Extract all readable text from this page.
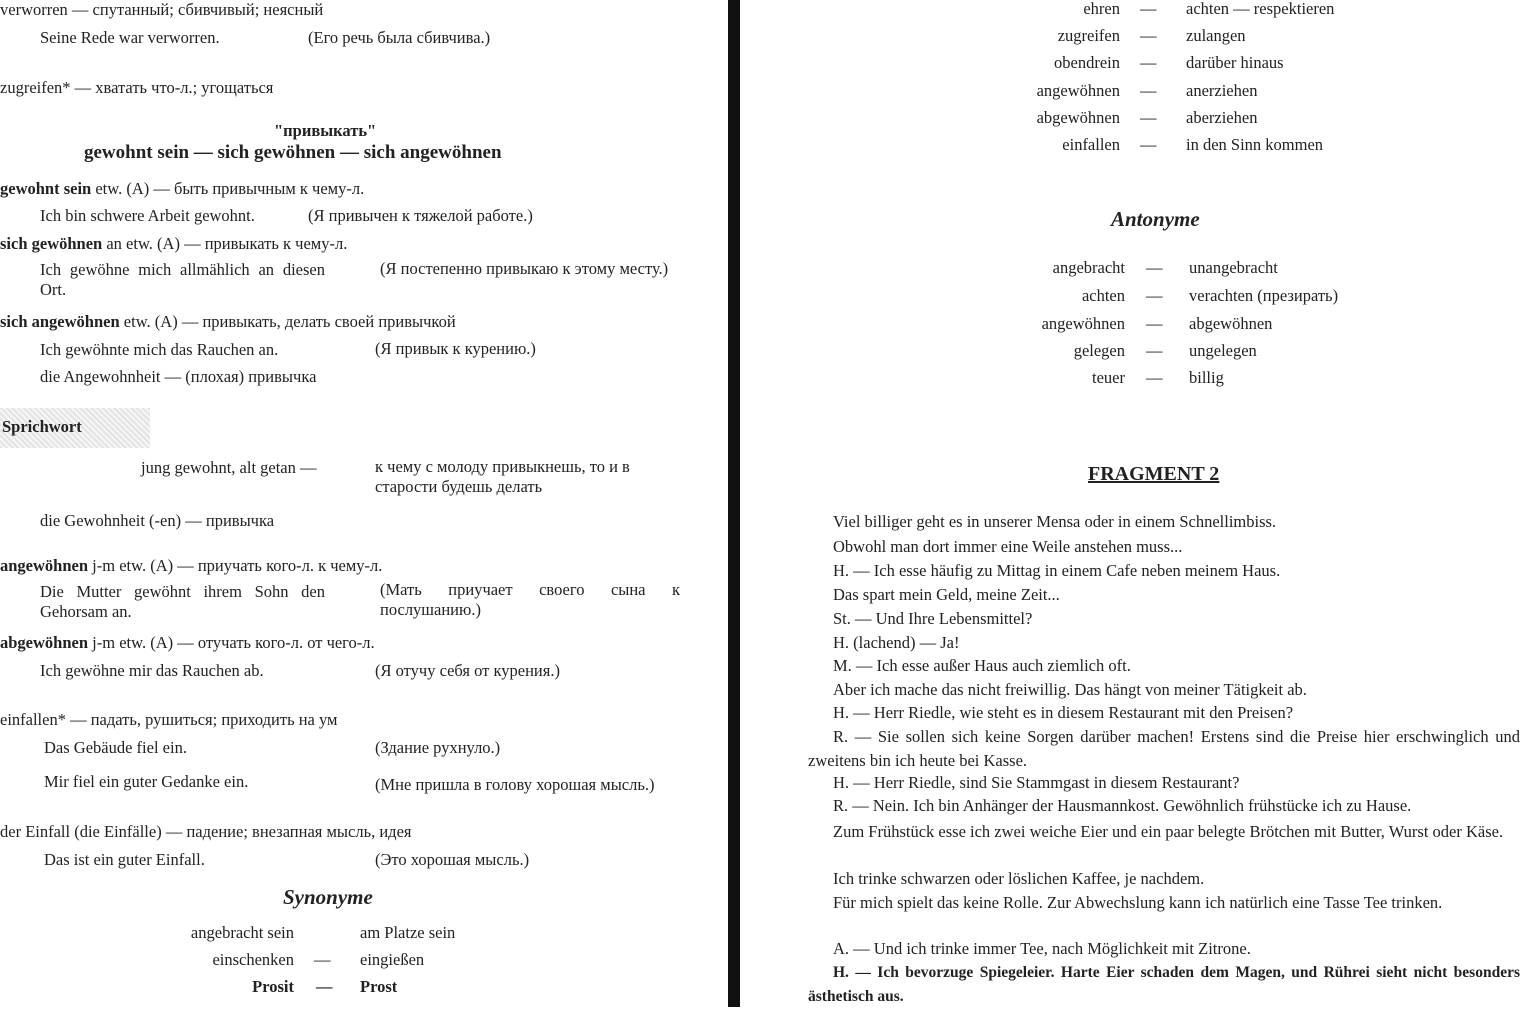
verworren — спутанный; сбивчивый; неясный
Seine Rede war verworren.	(Его речь была сбивчива.)
zugreifen* — хватать что-л.; угощаться
"привыкать"
gewohnt sein — sich gewöhnen — sich angewöhnen
gewohnt sein etw. (A) — быть привычным к чему-л.
Ich bin schwere Arbeit gewohnt.	(Я привычен к тяжелой работе.)
sich gewöhnen an etw. (A) — привыкать к чему-л.
Ich gewöhne mich allmählich an diesen Ort.
(Я постепенно привыкаю к этому месту.)
sich angewöhnen etw. (A) — привыкать, делать своей привычкой
Ich gewöhnte mich das Rauchen an.	(Я привык к курению.)
die Angewohnheit — (плохая) привычка
Sprichwort
jung gewohnt, alt getan —	к чему с молоду привыкнешь, то и в старости будешь делать
die Gewohnheit (-en) — привычка
angewöhnen j-m etw. (A) — приучать кого-л. к чему-л.
Die Mutter gewöhnt ihrem Sohn den Gehorsam an.
(Мать приучает своего сына к послушанию.)
abgewöhnen j-m etw. (A) — отучать кого-л. от чего-л.
Ich gewöhne mir das Rauchen ab.	(Я отучу себя от курения.)
einfallen* — падать, рушиться; приходить на ум
Das Gebäude fiel ein.	(Здание рухнуло.)
Mir fiel ein guter Gedanke ein.	(Мне пришла в голову хорошая мысль.)
der Einfall (die Einfälle) — падение; внезапная мысль, идея
Das ist ein guter Einfall.	(Это хорошая мысль.)
Synonyme
angebracht sein	am Platze sein
einschenken — eingießen
Prosit — Prost
ehren — achten — respektieren
zugreifen — zulangen
obendrein — darüber hinaus
angewöhnen — anerziehen
abgewöhnen — aberziehen
einfallen — in den Sinn kommen
Antonyme
angebracht — unangebracht
achten — verachten (презирать)
angewöhnen — abgewöhnen
gelegen — ungelegen
teuer — billig
FRAGMENT 2
Viel billiger geht es in unserer Mensa oder in einem Schnellimbiss.
Obwohl man dort immer eine Weile anstehen muss...
H. — Ich esse häufig zu Mittag in einem Cafe neben meinem Haus.
Das spart mein Geld, meine Zeit...
St. — Und Ihre Lebensmittel?
H. (lachend) — Ja!
M. — Ich esse außer Haus auch ziemlich oft.
Aber ich mache das nicht freiwillig. Das hängt von meiner Tätigkeit ab.
H. — Herr Riedle, wie steht es in diesem Restaurant mit den Preisen?
R. — Sie sollen sich keine Sorgen darüber machen! Erstens sind die Preise hier erschwinglich und zweitens bin ich heute bei Kasse.
H. — Herr Riedle, sind Sie Stammgast in diesem Restaurant?
R. — Nein. Ich bin Anhänger der Hausmannkost. Gewöhnlich frühstücke ich zu Hause.
Zum Frühstück esse ich zwei weiche Eier und ein paar belegte Brötchen mit Butter, Wurst oder Käse.
Ich trinke schwarzen oder löslichen Kaffee, je nachdem.
Für mich spielt das keine Rolle. Zur Abwechslung kann ich natürlich eine Tasse Tee trinken.
A. — Und ich trinke immer Tee, nach Möglichkeit mit Zitrone.
H. — Ich bevorzuge Spiegeleier. Harte Eier schaden dem Magen, und Rührei sieht nicht besonders ästhetisch aus.
